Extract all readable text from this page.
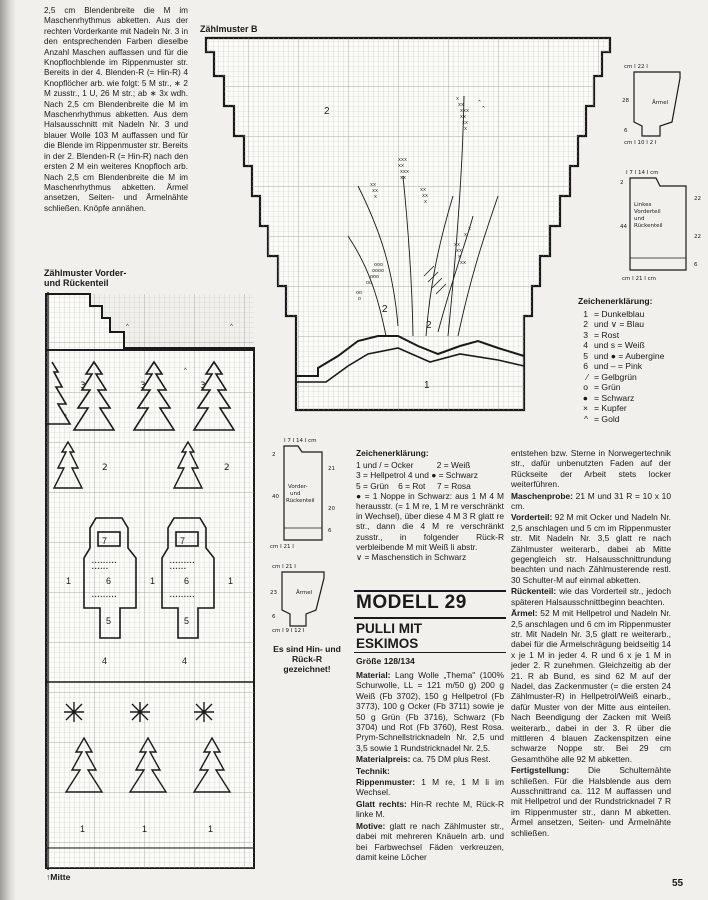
2,5 cm Blendenbreite die M im Maschenrhythmus abketten. Aus der rechten Vorderkante mit Nadeln Nr. 3 in den entsprechenden Farben dieselbe Anzahl Maschen auffassen und für die Knopflochblende im Rippenmuster str. Bereits in der 4. Blenden-R (= Hin-R) 4 Knopflöcher arb. wie folgt: 5 M str., ∗ 2 M zusstr., 1 U, 26 M str.; ab ∗ 3x wdh. Nach 2,5 cm Blendenbreite die M im Maschenrhythmus abketten. Aus dem Halsausschnitt mit Nadeln Nr. 3 und blauer Wolle 103 M auffassen und für die Blende im Rippenmuster str. Bereits in der 2. Blenden-R (= Hin-R) nach den ersten 2 M ein weiteres Knopfloch arb. Nach 2,5 cm Blendenbreite die M im Maschenrhythmus abketten. Ärmel ansetzen, Seiten- und Ärmelnähte schließen. Knöpfe annähen.

Zählmuster B
xxx
xx
xxx
xx
xx
xx
x
xx
xx
x
ooo
oooo
ooo
oo
oo
o
xx
xx
x
xx
x
x
x
xx
xxx
xx
xx
x
^
^
2
2
2
1
cm I 22 I
28	Ärmel
6
cm I 10 I 2 I
I 7 I 14 I cm
2
22
22
Linkes
Vorderteil
und
Rückenteil
44
6
cm I 21 I cm
Zeichenerklärung:
1 = Dunkelblau
2 und ∨ = Blau
3 = Rost
4 und s = Weiß
5 und ● = Aubergine
6 und – = Pink
⁄ = Gelbgrün
o = Grün
● = Schwarz
× = Kupfer
^ = Gold
Zählmuster Vorder- und Rückenteil
3	3	3
2	2
^	^
^
^
7	7
6	6
1	1	1
5	5
4	4
• • • • • • • • •
• • • • • •
• • • • • • • • •
• • • • • •
• • • • • • • • •	• • • • • • • • •
1	1	1
↑Mitte
I 7 I 14 I cm
2
21
20
Vorder-
und
Rückenteil
40
6
cm I 21 I
cm I 21 I
23	Ärmel
6
cm I 9 I 12 I
Es sind Hin- und Rück-R gezeichnet!
Zeichenerklärung:
1 und / = Ocker          2 = Weiß
3 = Hellpetrol 4 und ● = Schwarz
5 = Grün    6 = Rot     7 = Rosa
● = 1 Noppe in Schwarz: aus 1 M 4 M herausstr. (= 1 M re, 1 M re verschränkt in Wechsel), über diese 4 M 3 R glatt re str., dann die 4 M re verschränkt zusstr., in folgender Rück-R verbleibende M mit Weiß li abstr.
∨ = Maschenstich in Schwarz
MODELL 29
PULLI MIT
ESKIMOS
Größe 128/134

Material: Lang Wolle „Thema" (100% Schurwolle, LL = 121 m/50 g) 200 g Weiß (Fb 3702), 150 g Hellpetrol (Fb 3773), 100 g Ocker (Fb 3711) sowie je 50 g Grün (Fb 3716), Schwarz (Fb 3704) und Rot (Fb 3760), Rest Rosa. Prym-Schnellstricknadeln Nr. 2,5 und 3,5 sowie 1 Rundstricknadel Nr. 2,5.

Materialpreis: ca. 75 DM plus Rest.

Technik:

Rippenmuster: 1 M re, 1 M li im Wechsel.

Glatt rechts: Hin-R rechte M, Rück-R linke M.

Motive: glatt re nach Zählmuster str., dabei mit mehreren Knäueln arb. und bei Farbwechsel Fäden verkreuzen, damit keine Löcher

entstehen bzw. Sterne in Norwegertechnik str., dafür unbenutzten Faden auf der Rückseite der Arbeit stets locker weiterführen.

Maschenprobe: 21 M und 31 R = 10 x 10 cm.

Vorderteil: 92 M mit Ocker und Nadeln Nr. 2,5 anschlagen und 5 cm im Rippenmuster str. Mit Nadeln Nr. 3,5 glatt re nach Zählmuster weiterarb., dabei ab Mitte gegengleich str. Halsausschnittrundung beachten und nach Zählmusterende restl. 30 Schulter-M auf einmal abketten.

Rückenteil: wie das Vorderteil str., jedoch späteren Halsausschnittbeginn beachten.

Ärmel: 52 M mit Hellpetrol und Nadeln Nr. 2,5 anschlagen und 6 cm im Rippenmuster str. Mit Nadeln Nr. 3,5 glatt re weiterarb., dabei für die Ärmelschrägung beidseitig 14 x je 1 M in jeder 4. R und 6 x je 1 M in jeder 2. R zunehmen. Gleichzeitig ab der 21. R ab Bund, es sind 62 M auf der Nadel, das Zackenmuster (= die ersten 24 Zählmuster-R) in Hellpetrol/Weiß einarb., dafür Muster von der Mitte aus einteilen. Nach Beendigung der Zacken mit Weiß weiterarb., dabei in der 3. R über die mittleren 4 blauen Zackenspitzen eine schwarze Noppe str. Bei 29 cm Gesamthöhe alle 92 M abketten.

Fertigstellung: Die Schulternähte schließen. Für die Halsblende aus dem Ausschnittrand ca. 112 M auffassen und mit Hellpetrol und der Rundstricknadel 7 R im Rippenmuster str., dann M abketten. Ärmel ansetzen, Seiten- und Ärmelnähte schließen.

55
